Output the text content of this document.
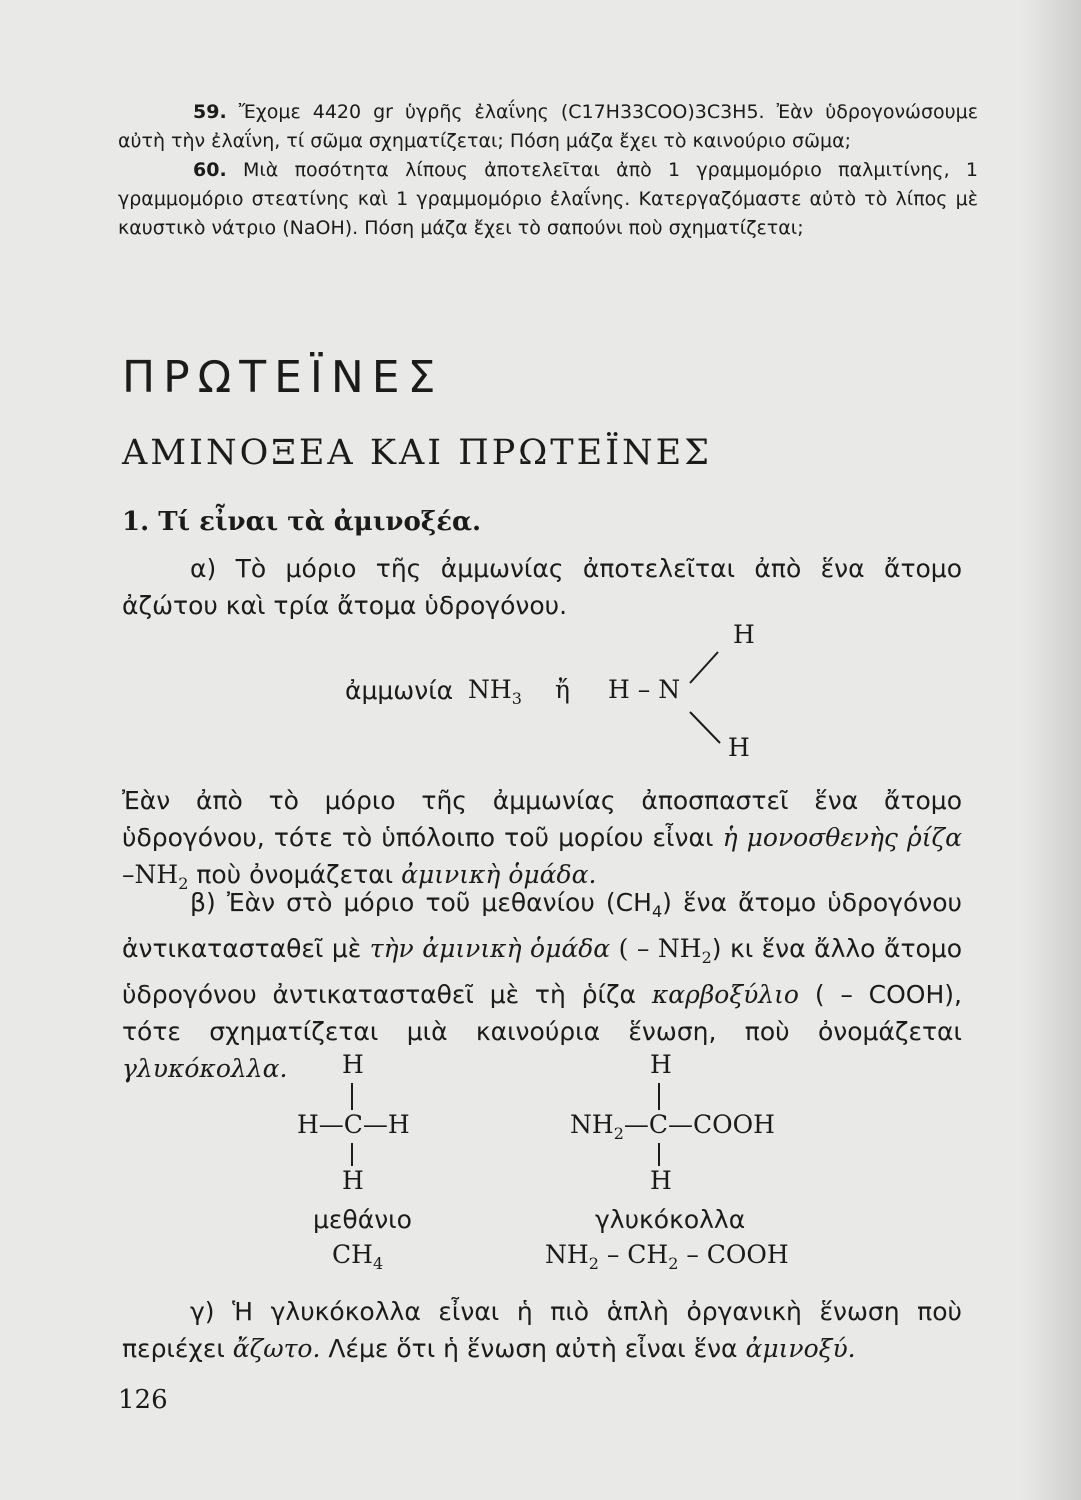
59. Ἔχομε 4420 gr ὑγρῆς ἐλαΐνης (C17H33COO)3C3H5. Ἐὰν ὑδρογονώσουμε αὐτὴ τὴν ἐλαΐνη, τί σῶμα σχηματίζεται; Πόση μάζα ἔχει τὸ καινούριο σῶμα;

60. Μιὰ ποσότητα λίπους ἀποτελεῖται ἀπὸ 1 γραμμομόριο παλμιτίνης, 1 γραμμομόριο στεατίνης καὶ 1 γραμμομόριο ἐλαΐνης. Κατεργαζόμαστε αὐτὸ τὸ λίπος μὲ καυστικὸ νάτριο (NaOH). Πόση μάζα ἔχει τὸ σαπούνι ποὺ σχηματίζεται;

ΠΡΩΤΕΪΝΕΣ
ΑΜΙΝΟΞΕΑ ΚΑΙ ΠΡΩΤΕΪΝΕΣ
1. Τί εἶναι τὰ ἀμινοξέα.

α) Τὸ μόριο τῆς ἀμμωνίας ἀποτελεῖται ἀπὸ ἕνα ἄτομο ἀζώτου καὶ τρία ἄτομα ὑδρογόνου.

ἀμμωνία $NH_3$ ἤ
H
H – N
H

Ἐὰν ἀπὸ τὸ μόριο τῆς ἀμμωνίας ἀποσπαστεῖ ἕνα ἄτομο ὑδρογόνου, τότε τὸ ὑπόλοιπο τοῦ μορίου εἶναι ἡ μονοσθενὴς ῥίζα $-NH_2$ ποὺ ὀνομάζεται ἀμινικὴ ὁμάδα.

β) Ἐὰν στὸ μόριο τοῦ μεθανίου $(CH_4)$ ἕνα ἄτομο ὑδρογόνου ἀντικατασταθεῖ μὲ τὴν ἀμινικὴ ὁμάδα ( – $NH_2$) κι ἕνα ἄλλο ἄτομο ὑδρογόνου ἀντικατασταθεῖ μὲ τὴ ῥίζα καρβοξύλιο ( – COOH), τότε σχηματίζεται μιὰ καινούρια ἕνωση, ποὺ ὀνομάζεται γλυκόκολλα.	H
H—C—H
H
μεθάνιο
$CH_4$
H
$NH_2—C—COOH$
H
γλυκόκολλα
$NH_2 - CH_2$ – COOH

γ) Ἡ γλυκόκολλα εἶναι ἡ πιὸ ἁπλὴ ὀργανικὴ ἕνωση ποὺ περιέχει ἄζωτο. Λέμε ὅτι ἡ ἕνωση αὐτὴ εἶναι ἕνα ἀμινοξύ.

126
